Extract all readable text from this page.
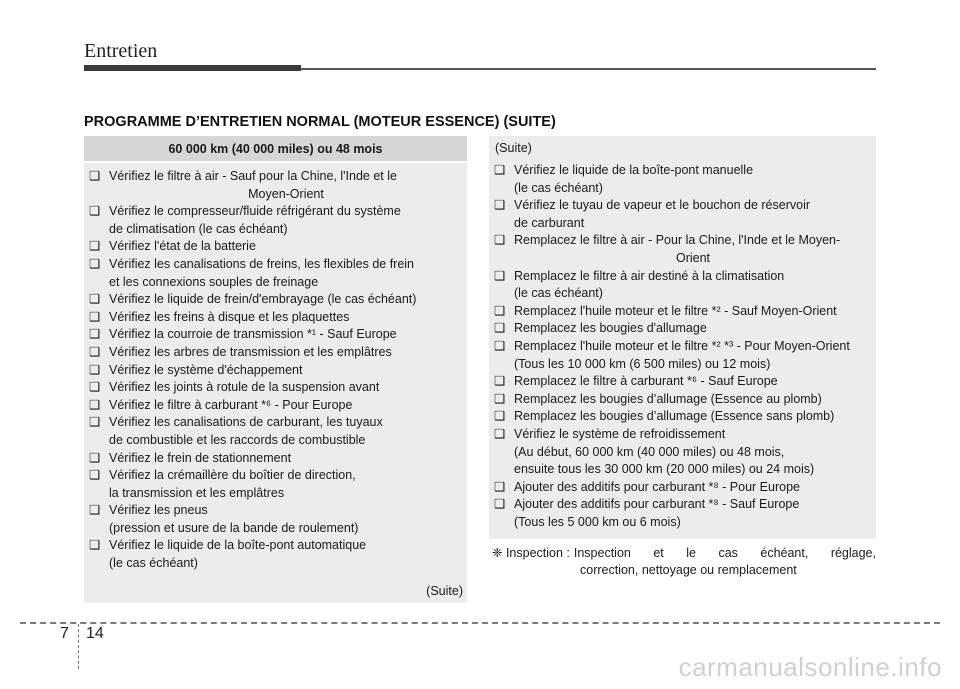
Entretien
PROGRAMME D’ENTRETIEN NORMAL (MOTEUR ESSENCE) (SUITE)
60 000 km (40 000 miles) ou 48 mois
❑ Vérifiez le filtre à air - Sauf pour la Chine, l'Inde et le
Moyen-Orient
❑ Vérifiez le compresseur/fluide réfrigérant du système
de climatisation (le cas échéant)
❑ Vérifiez l'état de la batterie
❑ Vérifiez les canalisations de freins, les flexibles de frein
et les connexions souples de freinage
❑ Vérifiez le liquide de frein/d'embrayage (le cas échéant)
❑ Vérifiez les freins à disque et les plaquettes
❑ Vérifiez la courroie de transmission *¹ - Sauf Europe
❑ Vérifiez les arbres de transmission et les emplâtres
❑ Vérifiez le système d'échappement
❑ Vérifiez les joints à rotule de la suspension avant
❑ Vérifiez le filtre à carburant *⁶ - Pour Europe
❑ Vérifiez les canalisations de carburant, les tuyaux
de combustible et les raccords de combustible
❑ Vérifiez le frein de stationnement
❑ Vérifiez la crémaillère du boîtier de direction,
la transmission et les emplâtres
❑ Vérifiez les pneus
(pression et usure de la bande de roulement)
❑ Vérifiez le liquide de la boîte-pont automatique
(le cas échéant)
(Suite)
(Suite)
❑ Vérifiez le liquide de la boîte-pont manuelle
(le cas échéant)
❑ Vérifiez le tuyau de vapeur et le bouchon de réservoir
de carburant
❑ Remplacez le filtre à air - Pour la Chine, l'Inde et le Moyen-
Orient
❑ Remplacez le filtre à air destiné à la climatisation
(le cas échéant)
❑ Remplacez l'huile moteur et le filtre *² - Sauf Moyen-Orient
❑ Remplacez les bougies d'allumage
❑ Remplacez l'huile moteur et le filtre *² *³ - Pour Moyen-Orient
(Tous les 10 000 km (6 500 miles) ou 12 mois)
❑ Remplacez le filtre à carburant *⁶ - Sauf Europe
❑ Remplacez les bougies d’allumage (Essence au plomb)
❑ Remplacez les bougies d’allumage (Essence sans plomb)
❑ Vérifiez le système de refroidissement
(Au début, 60 000 km (40 000 miles) ou 48 mois,
ensuite tous les 30 000 km (20 000 miles) ou 24 mois)
❑ Ajouter des additifs pour carburant *⁸ - Pour Europe
❑ Ajouter des additifs pour carburant *⁸ - Sauf Europe
(Tous les 5 000 km ou 6 mois)
❈ Inspection : Inspection et le cas échéant, réglage,
correction, nettoyage ou remplacement
7 14
carmanualsonline.info
